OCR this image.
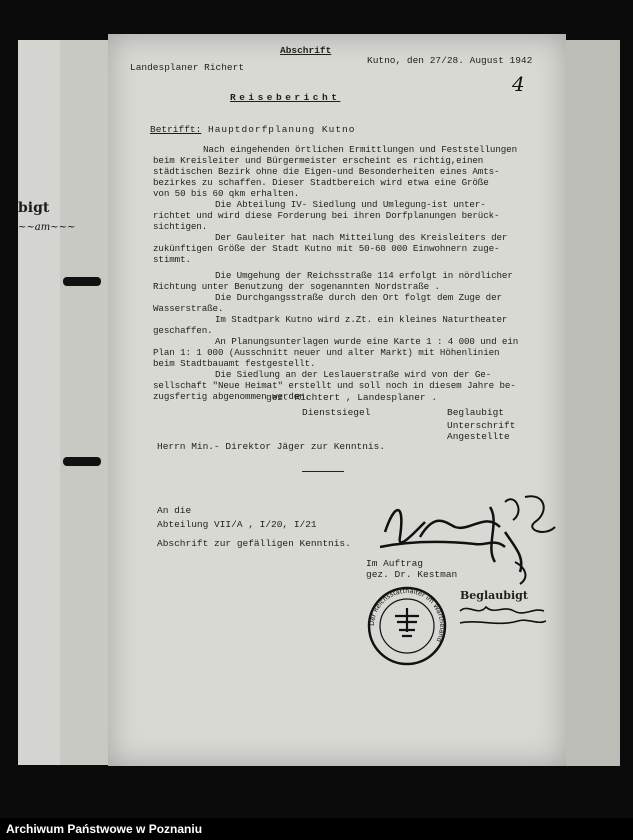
bigt
~~am~~~
Abschrift
Landesplaner Richert
Kutno, den 27/28. August 1942
4
Reisebericht
Betrifft: Hauptdorfplanung Kutno
Nach eingehenden örtlichen Ermittlungen und Feststellungen
beim Kreisleiter und Bürgermeister erscheint es richtig,einen
städtischen Bezirk ohne die Eigen-und Besonderheiten eines Amts-
bezirkes zu schaffen. Dieser Stadtbereich wird etwa eine Größe
von 50 bis 60 qkm erhalten.
Die Abteilung IV- Siedlung und Umlegung-ist unter-
richtet und wird diese Forderung bei ihren Dorfplanungen berück-
sichtigen.
Der Gauleiter hat nach Mitteilung des Kreisleiters der
zukünftigen Größe der Stadt Kutno mit 50-60 000 Einwohnern zuge-
stimmt.
Die Umgehung der Reichsstraße 114 erfolgt in nördlicher
Richtung unter Benutzung der sogenannten Nordstraße .
Die Durchgangsstraße durch den Ort folgt dem Zuge der
Wasserstraße.
Im Stadtpark Kutno wird z.Zt. ein kleines Naturtheater
geschaffen.
An Planungsunterlagen wurde eine Karte 1 : 4 000 und ein
Plan 1: 1 000 (Ausschnitt neuer und alter Markt) mit Höhenlinien
beim Stadtbauamt festgestellt.
Die Siedlung an der Leslauerstraße wird von der Ge-
sellschaft "Neue Heimat" erstellt und soll noch in diesem Jahre be-
zugsfertig abgenommen werden.
gez. Richtert , Landesplaner .
Dienstsiegel	Beglaubigt
Unterschrift
Angestellte
Herrn Min.- Direktor Jäger zur Kenntnis.
An die
Abteilung VII/A , I/20, I/21
Abschrift zur gefälligen Kenntnis.
Im Auftrag
gez. Dr. Kestman
Der Reichsstatthalter im Wartheland
Beglaubigt
Archiwum Państwowe w Poznaniu
